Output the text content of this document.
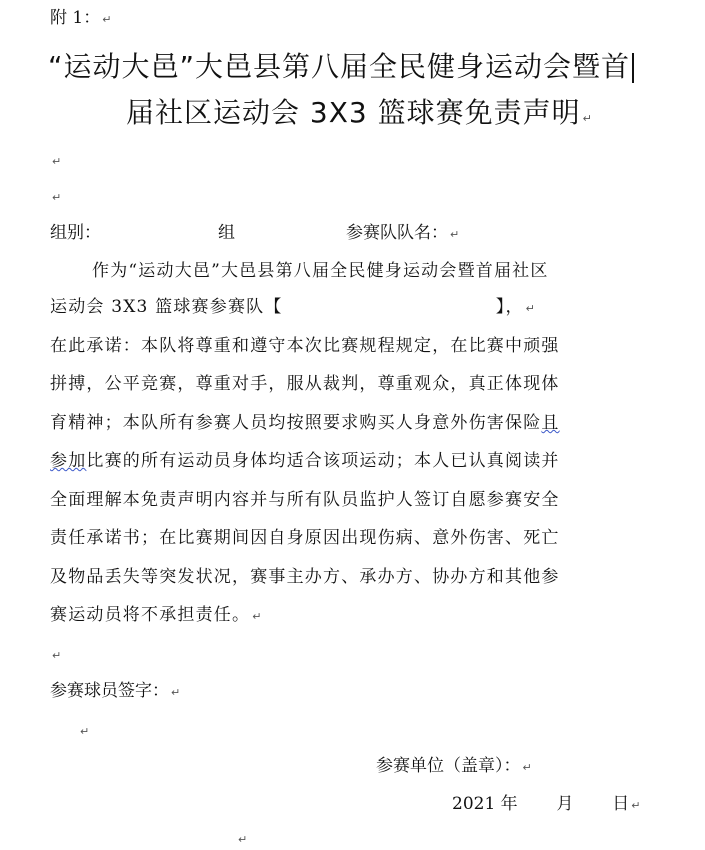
附 1： ↵
“运动大邑”大邑县第八届全民健身运动会暨首
届社区运动会 3X3 篮球赛免责声明 ↵
↵
↵
组别：	组	参赛队队名： ↵
作为“运动大邑”大邑县第八届全民健身运动会暨首届社区
运动会 3X3 篮球赛参赛队【	】， ↵
在此承诺：本队将尊重和遵守本次比赛规程规定，在比赛中顽强
拼搏，公平竞赛，尊重对手，服从裁判，尊重观众，真正体现体
育精神；本队所有参赛人员均按照要求购买人身意外伤害保险且
参加比赛的所有运动员身体均适合该项运动；本人已认真阅读并
全面理解本免责声明内容并与所有队员监护人签订自愿参赛安全
责任承诺书；在比赛期间因自身原因出现伤病、意外伤害、死亡
及物品丢失等突发状况，赛事主办方、承办方、协办方和其他参
赛运动员将不承担责任。 ↵
↵
参赛球员签字： ↵
↵
参赛单位（盖章）： ↵
2021 年 月 日 ↵
↵
